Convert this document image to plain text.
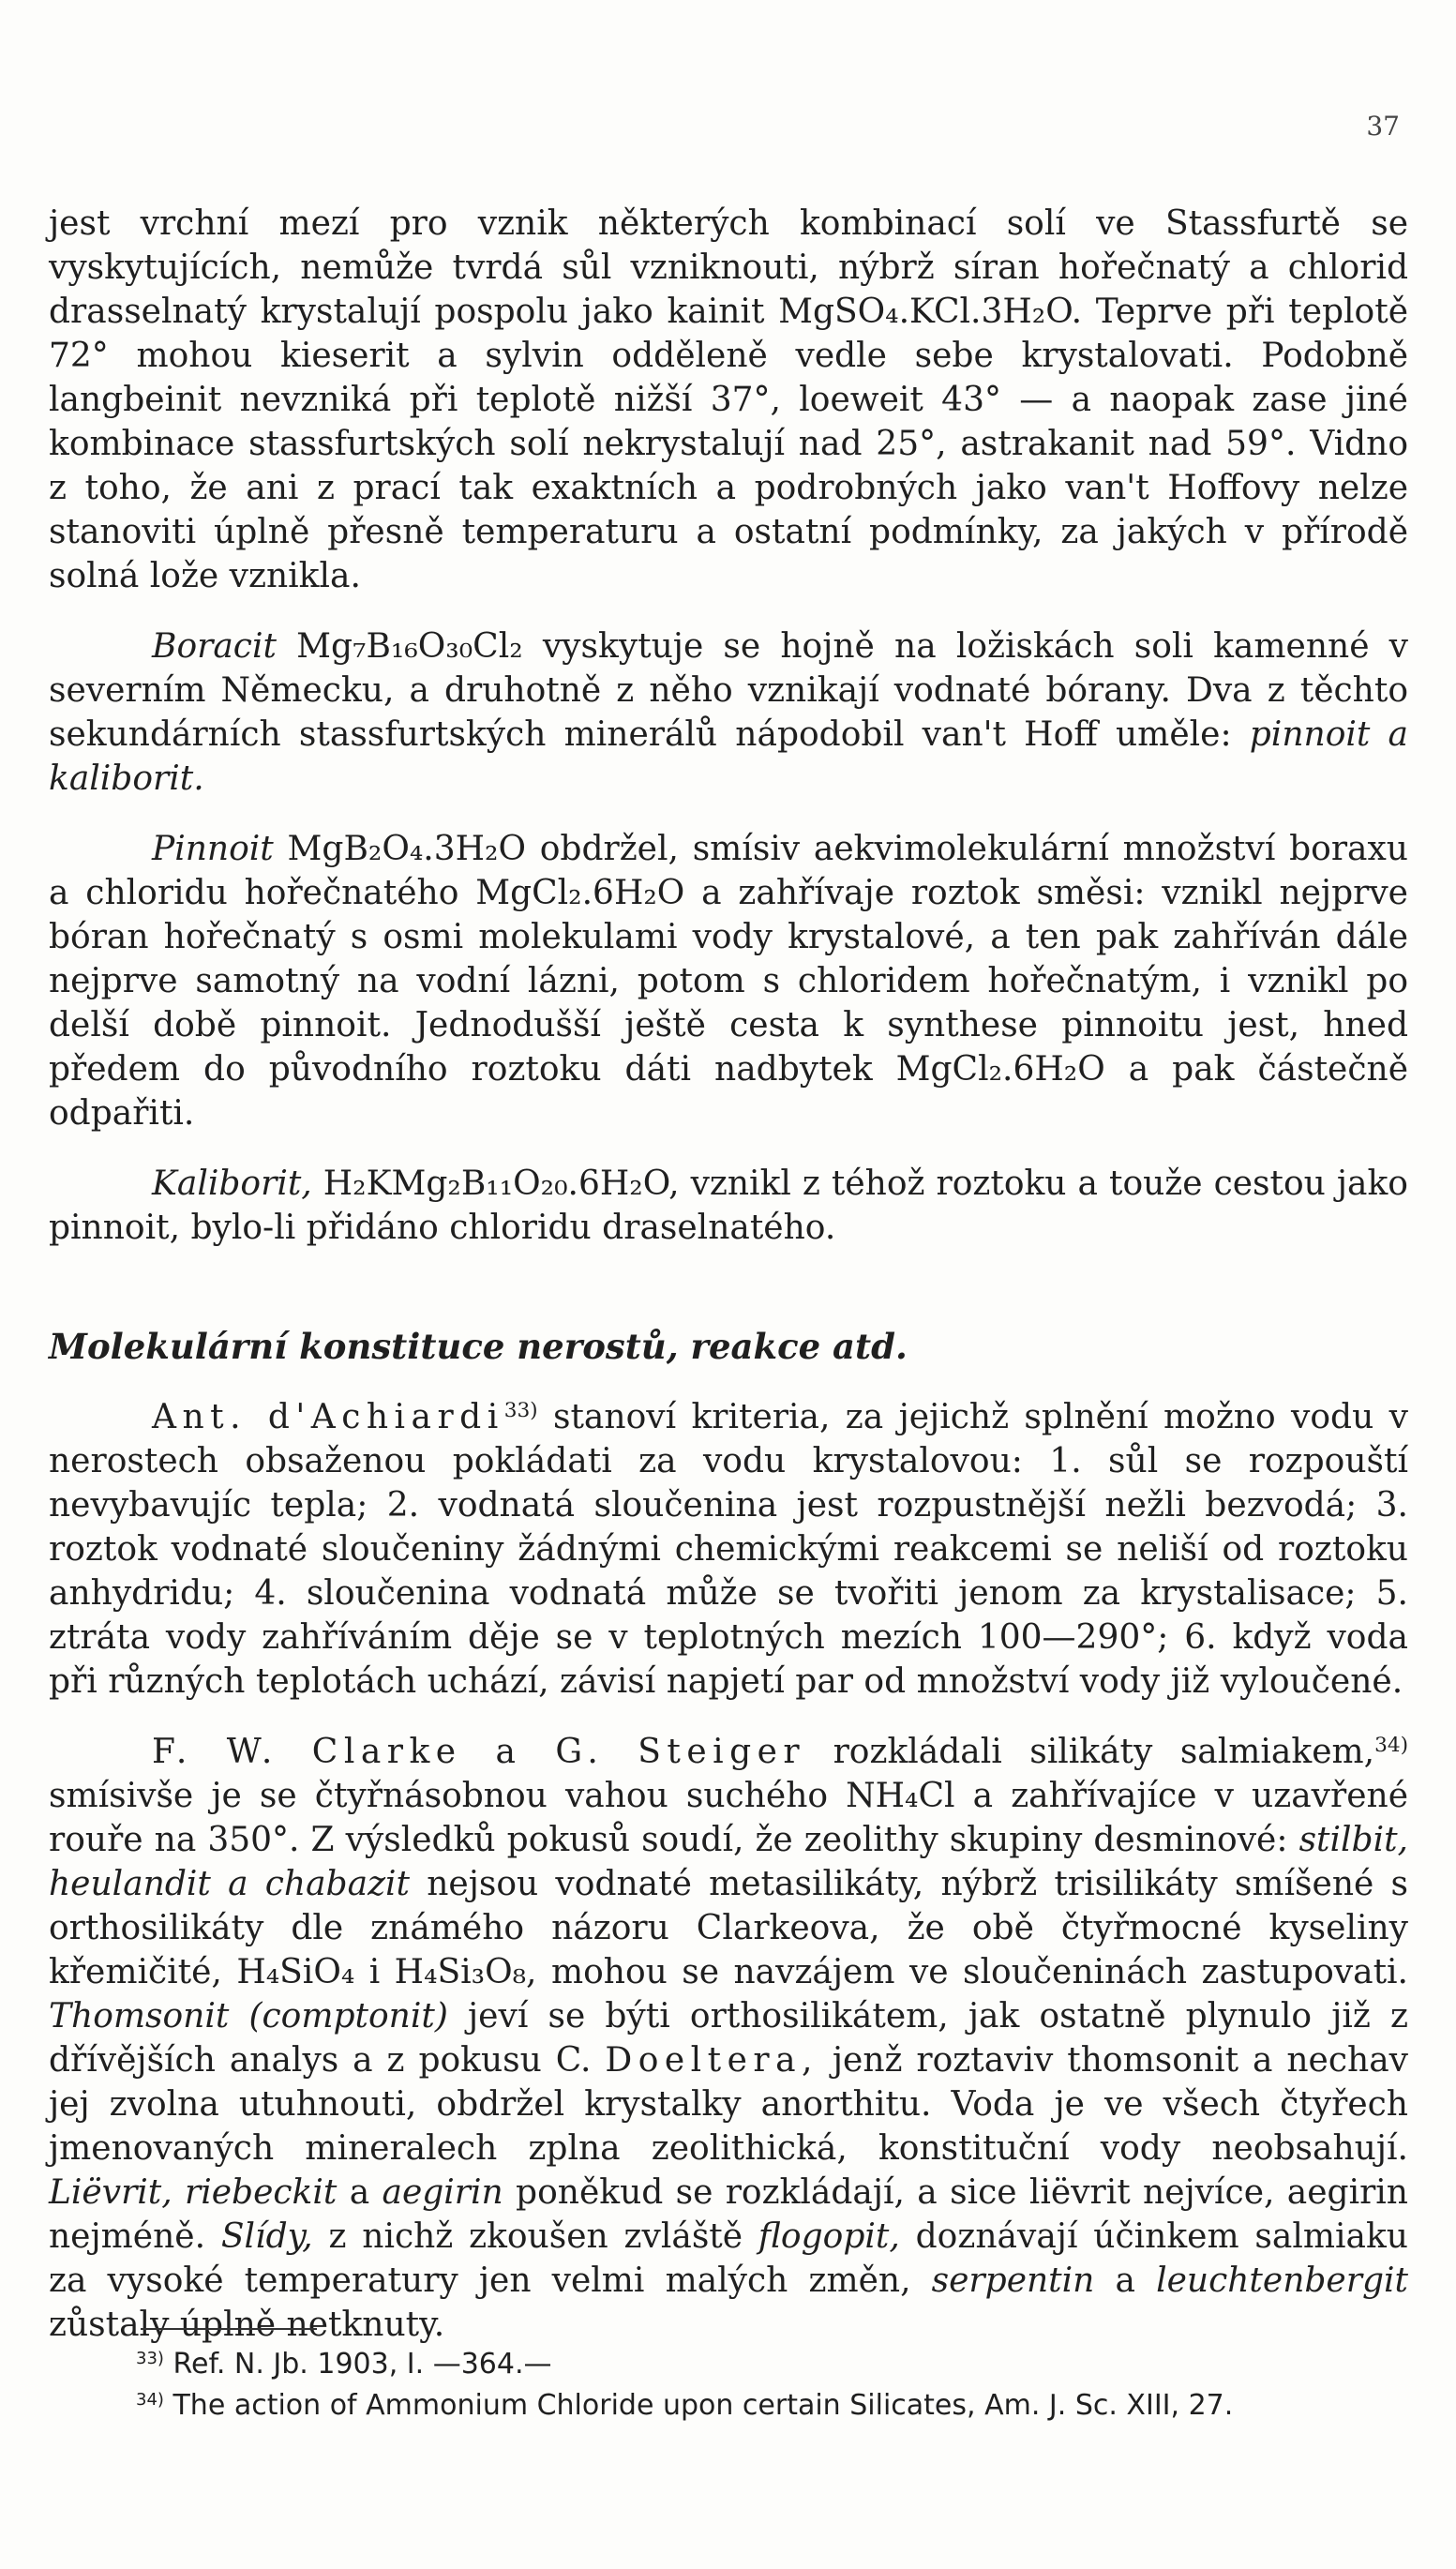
37

jest vrchní mezí pro vznik některých kombinací solí ve Stassfurtě se vyskytujících, nemůže tvrdá sůl vzniknouti, nýbrž síran hořečnatý a chlorid drasselnatý krystalují pospolu jako kainit MgSO₄.KCl.3H₂O. Teprve při teplotě 72° mohou kieserit a sylvin odděleně vedle sebe krystalovati. Podobně langbeinit nevzniká při teplotě nižší 37°, loeweit 43° — a naopak zase jiné kombinace stassfurtských solí nekrystalují nad 25°, astrakanit nad 59°. Vidno z toho, že ani z prací tak exaktních a podrobných jako van't Hoffovy nelze stanoviti úplně přesně temperaturu a ostatní podmínky, za jakých v přírodě solná lože vznikla.

Boracit Mg₇B₁₆O₃₀Cl₂ vyskytuje se hojně na ložiskách soli kamenné v severním Německu, a druhotně z něho vznikají vodnaté bórany. Dva z těchto sekundárních stassfurtských minerálů nápodobil van't Hoff uměle: pinnoit a kaliborit.

Pinnoit MgB₂O₄.3H₂O obdržel, smísiv aekvimolekulární množství boraxu a chloridu hořečnatého MgCl₂.6H₂O a zahřívaje roztok směsi: vznikl nejprve bóran hořečnatý s osmi molekulami vody krystalové, a ten pak zahříván dále nejprve samotný na vodní lázni, potom s chloridem hořečnatým, i vznikl po delší době pinnoit. Jednodušší ještě cesta k synthese pinnoitu jest, hned předem do původního roztoku dáti nadbytek MgCl₂.6H₂O a pak částečně odpařiti.

Kaliborit, H₂KMg₂B₁₁O₂₀.6H₂O, vznikl z téhož roztoku a touže cestou jako pinnoit, bylo-li přidáno chloridu draselnatého.

Molekulární konstituce nerostů, reakce atd.

Ant. d'Achiardi$^{33)}$ stanoví kriteria, za jejichž splnění možno vodu v nerostech obsaženou pokládati za vodu krystalovou: 1. sůl se rozpouští nevybavujíc tepla; 2. vodnatá sloučenina jest rozpustnější nežli bezvodá; 3. roztok vodnaté sloučeniny žádnými chemickými reakcemi se neliší od roztoku anhydridu; 4. sloučenina vodnatá může se tvořiti jenom za krystalisace; 5. ztráta vody zahříváním děje se v teplotných mezích 100—290°; 6. když voda při různých teplotách uchází, závisí napjetí par od množství vody již vyloučené.

F. W. Clarke a G. Steiger rozkládali silikáty salmiakem,$^{34)}$ smísivše je se čtyřnásobnou vahou suchého NH₄Cl a zahřívajíce v uzavřené rouře na 350°. Z výsledků pokusů soudí, že zeolithy skupiny desminové: stilbit, heulandit a chabazit nejsou vodnaté metasilikáty, nýbrž trisilikáty smíšené s orthosilikáty dle známého názoru Clarkeova, že obě čtyřmocné kyseliny křemičité, H₄SiO₄ i H₄Si₃O₈, mohou se navzájem ve sloučeninách zastupovati. Thomsonit (comptonit) jeví se býti orthosilikátem, jak ostatně plynulo již z dřívějších analys a z pokusu C. Doeltera, jenž roztaviv thomsonit a nechav jej zvolna utuhnouti, obdržel krystalky anorthitu. Voda je ve všech čtyřech jmenovaných mineralech zplna zeolithická, konstituční vody neobsahují. Liëvrit, riebeckit a aegirin poněkud se rozkládají, a sice liëvrit nejvíce, aegirin nejméně. Slídy, z nichž zkoušen zvláště flogopit, doznávají účinkem salmiaku za vysoké temperatury jen velmi malých změn, serpentin a leuchtenbergit zůstaly úplně netknuty.

$^{33)}$ Ref. N. Jb. 1903, I. —364.—

$^{34)}$ The action of Ammonium Chloride upon certain Silicates, Am. J. Sc. XIII, 27.
